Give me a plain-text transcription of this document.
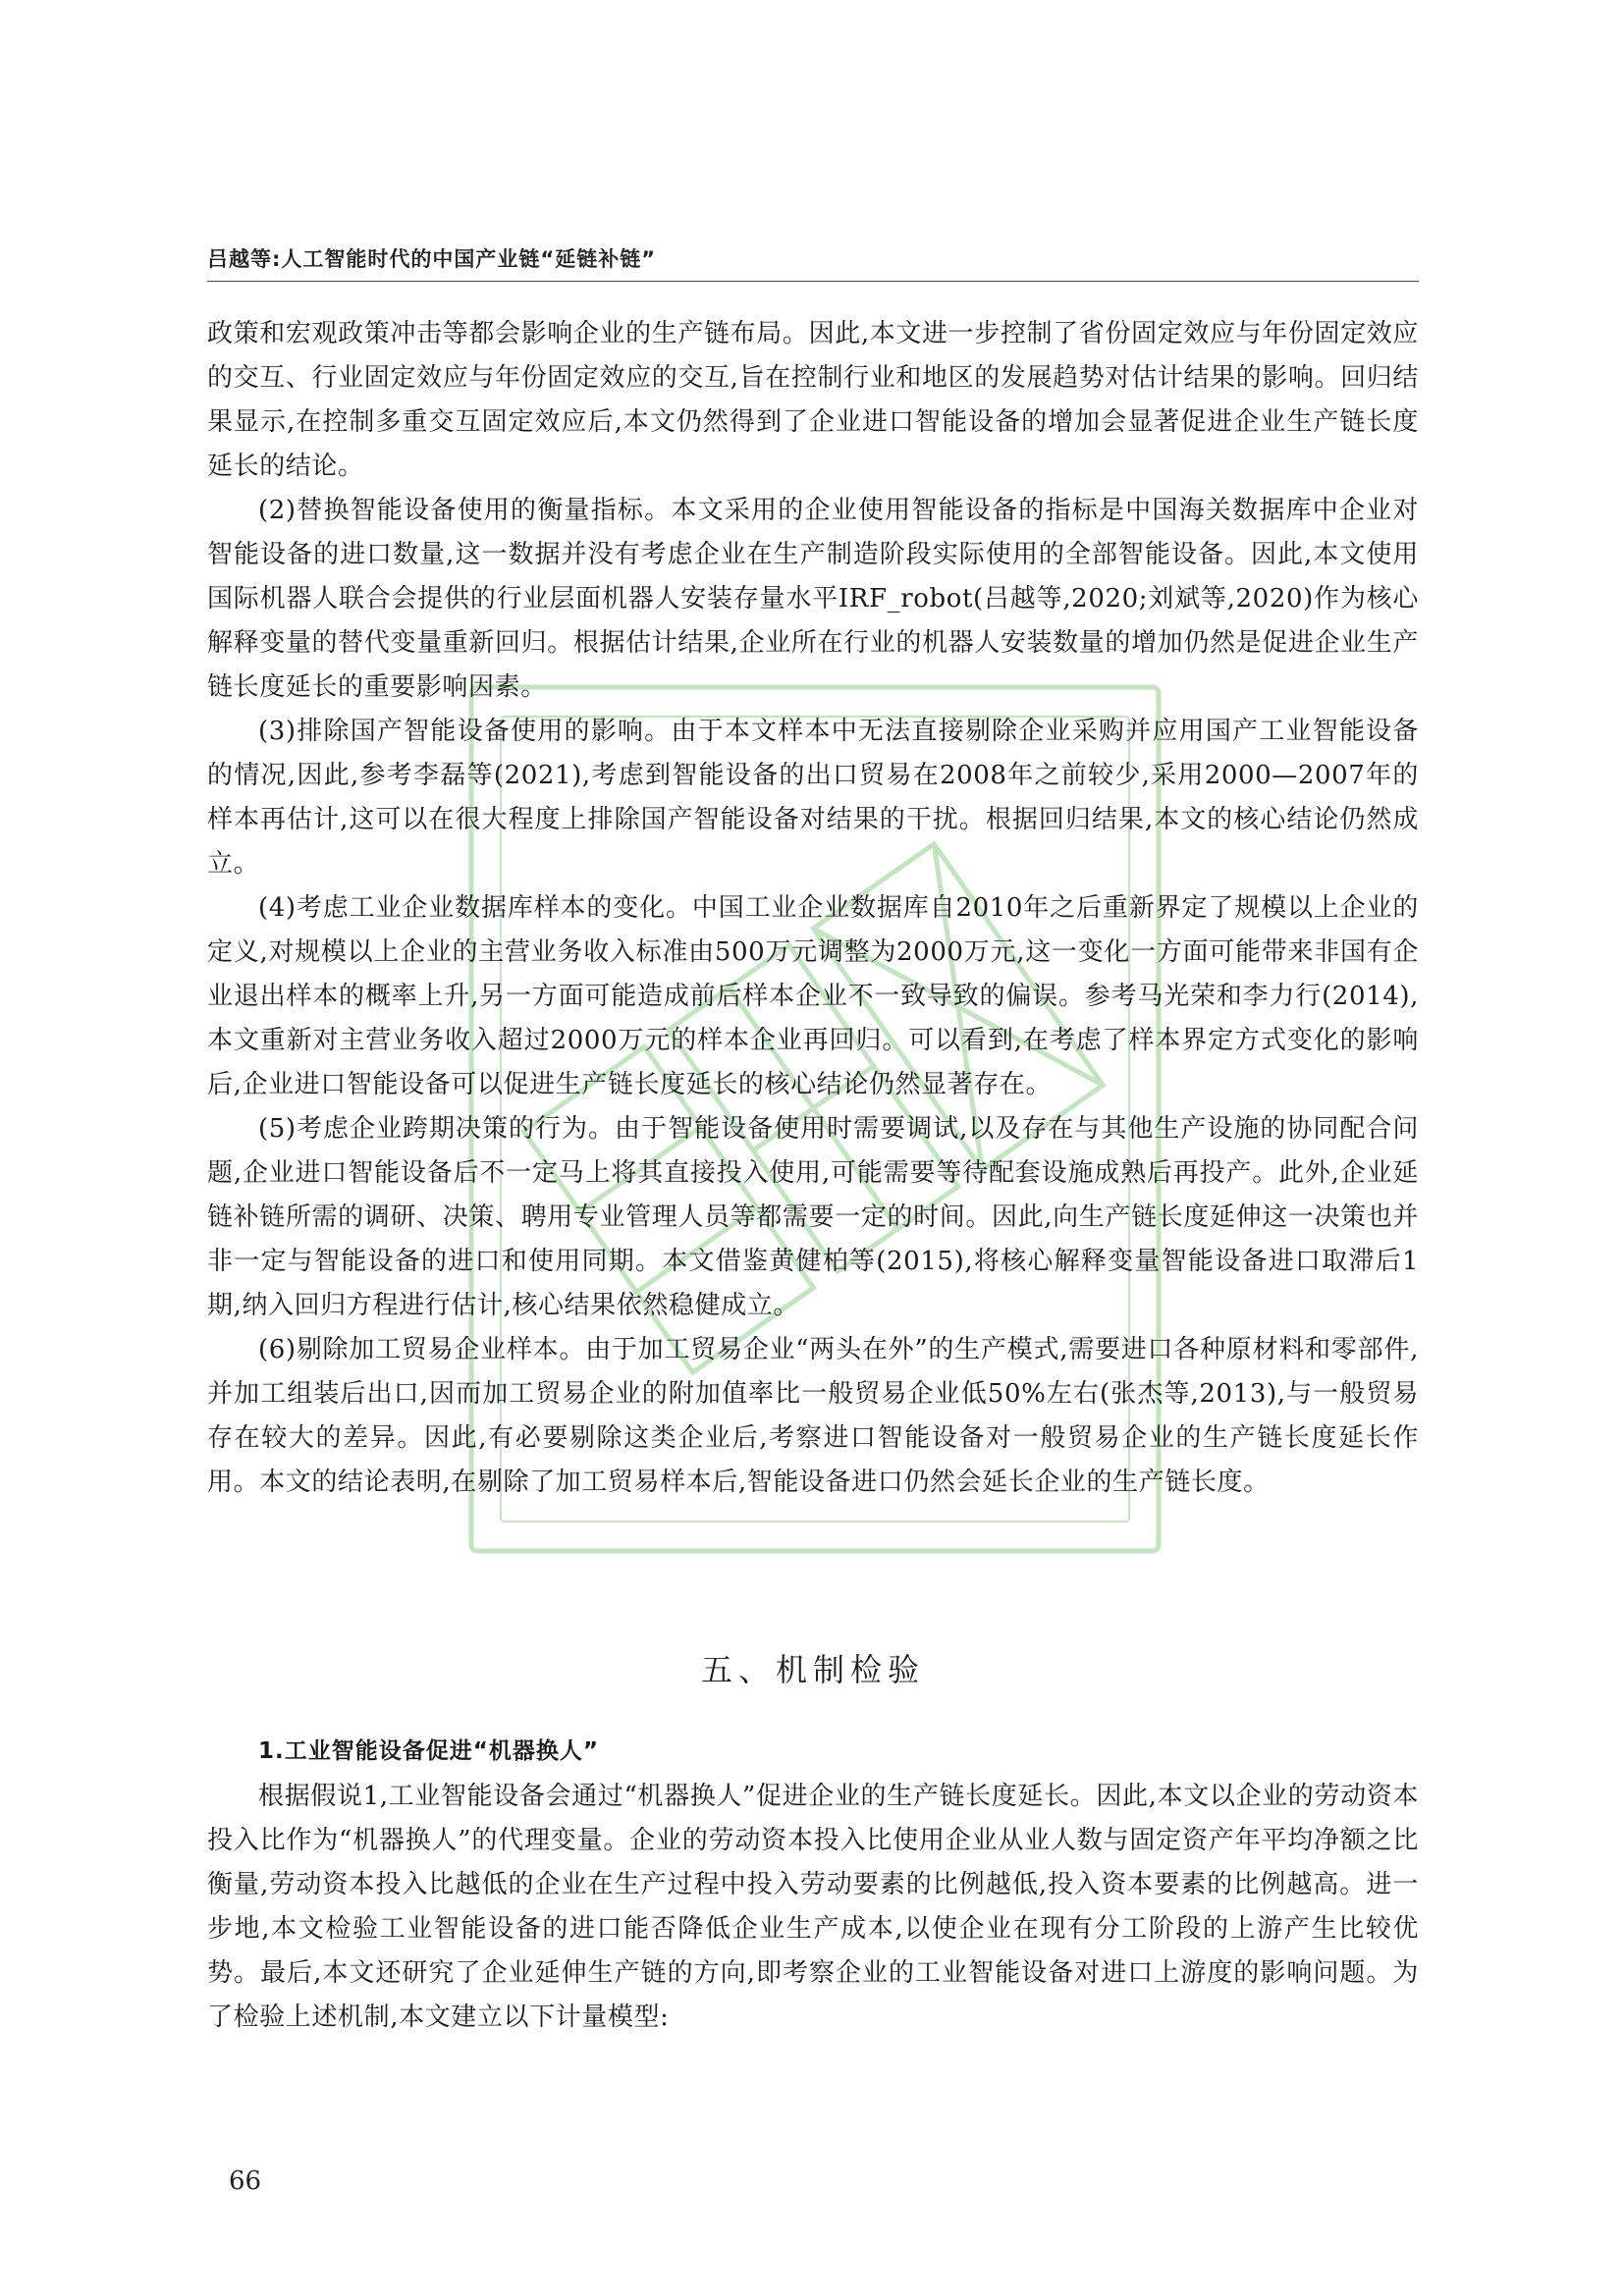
吕越等:人工智能时代的中国产业链“延链补链”

政策和宏观政策冲击等都会影响企业的生产链布局。因此,本文进一步控制了省份固定效应与年份固定效应的交互、行业固定效应与年份固定效应的交互,旨在控制行业和地区的发展趋势对估计结果的影响。回归结果显示,在控制多重交互固定效应后,本文仍然得到了企业进口智能设备的增加会显著促进企业生产链长度延长的结论。

(2)替换智能设备使用的衡量指标。本文采用的企业使用智能设备的指标是中国海关数据库中企业对智能设备的进口数量,这一数据并没有考虑企业在生产制造阶段实际使用的全部智能设备。因此,本文使用国际机器人联合会提供的行业层面机器人安装存量水平IRF_robot(吕越等,2020;刘斌等,2020)作为核心解释变量的替代变量重新回归。根据估计结果,企业所在行业的机器人安装数量的增加仍然是促进企业生产链长度延长的重要影响因素。

(3)排除国产智能设备使用的影响。由于本文样本中无法直接剔除企业采购并应用国产工业智能设备的情况,因此,参考李磊等(2021),考虑到智能设备的出口贸易在2008年之前较少,采用2000—2007年的样本再估计,这可以在很大程度上排除国产智能设备对结果的干扰。根据回归结果,本文的核心结论仍然成立。

(4)考虑工业企业数据库样本的变化。中国工业企业数据库自2010年之后重新界定了规模以上企业的定义,对规模以上企业的主营业务收入标准由500万元调整为2000万元,这一变化一方面可能带来非国有企业退出样本的概率上升,另一方面可能造成前后样本企业不一致导致的偏误。参考马光荣和李力行(2014),本文重新对主营业务收入超过2000万元的样本企业再回归。可以看到,在考虑了样本界定方式变化的影响后,企业进口智能设备可以促进生产链长度延长的核心结论仍然显著存在。

(5)考虑企业跨期决策的行为。由于智能设备使用时需要调试,以及存在与其他生产设施的协同配合问题,企业进口智能设备后不一定马上将其直接投入使用,可能需要等待配套设施成熟后再投产。此外,企业延链补链所需的调研、决策、聘用专业管理人员等都需要一定的时间。因此,向生产链长度延伸这一决策也并非一定与智能设备的进口和使用同期。本文借鉴黄健柏等(2015),将核心解释变量智能设备进口取滞后1期,纳入回归方程进行估计,核心结果依然稳健成立。

(6)剔除加工贸易企业样本。由于加工贸易企业“两头在外”的生产模式,需要进口各种原材料和零部件,并加工组装后出口,因而加工贸易企业的附加值率比一般贸易企业低50%左右(张杰等,2013),与一般贸易存在较大的差异。因此,有必要剔除这类企业后,考察进口智能设备对一般贸易企业的生产链长度延长作用。本文的结论表明,在剔除了加工贸易样本后,智能设备进口仍然会延长企业的生产链长度。

五、机制检验
1.工业智能设备促进“机器换人”

根据假说1,工业智能设备会通过“机器换人”促进企业的生产链长度延长。因此,本文以企业的劳动资本投入比作为“机器换人”的代理变量。企业的劳动资本投入比使用企业从业人数与固定资产年平均净额之比衡量,劳动资本投入比越低的企业在生产过程中投入劳动要素的比例越低,投入资本要素的比例越高。进一步地,本文检验工业智能设备的进口能否降低企业生产成本,以使企业在现有分工阶段的上游产生比较优势。最后,本文还研究了企业延伸生产链的方向,即考察企业的工业智能设备对进口上游度的影响问题。为了检验上述机制,本文建立以下计量模型:

66
